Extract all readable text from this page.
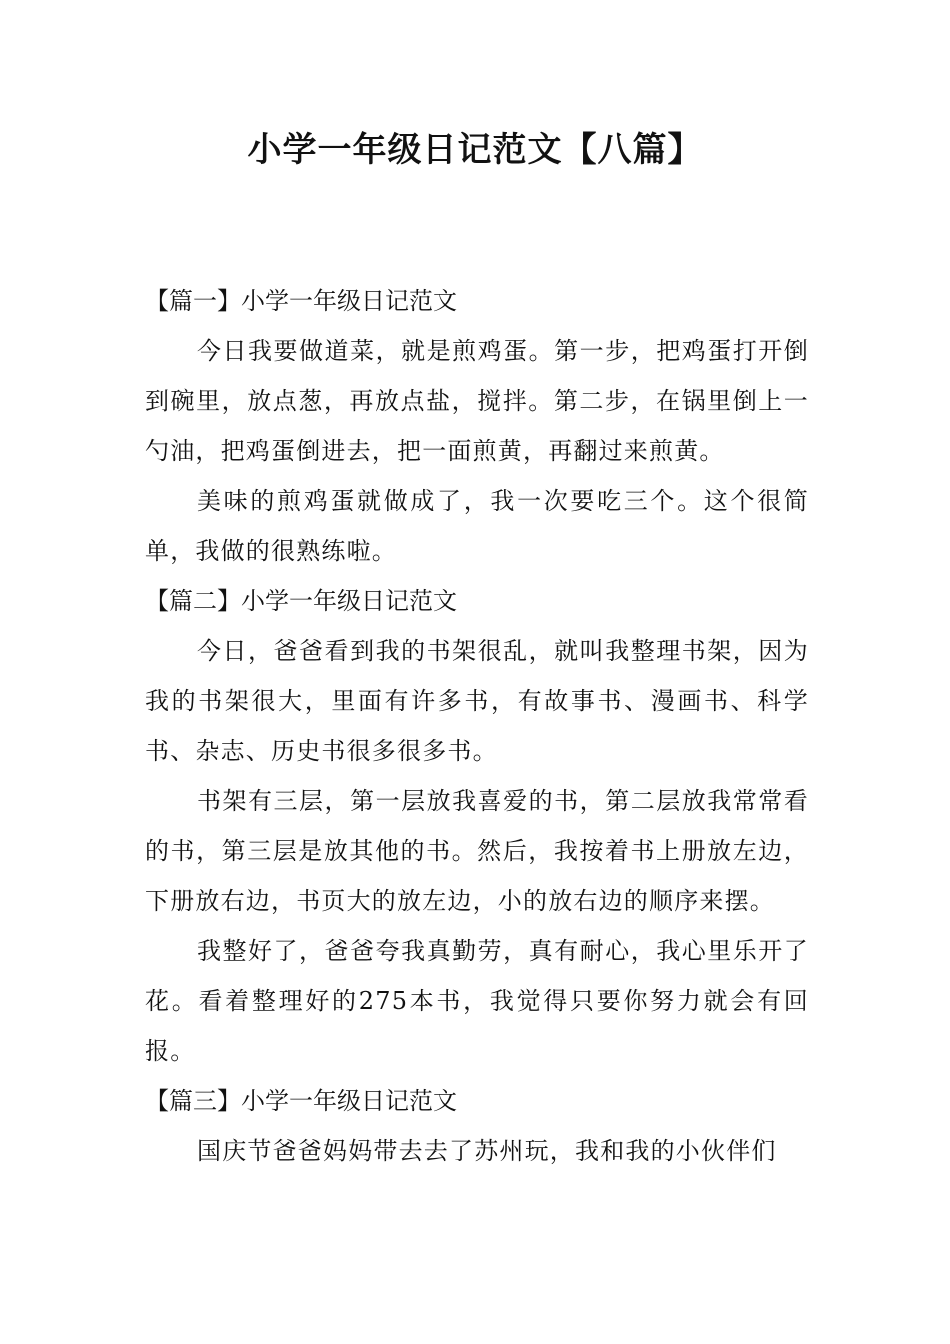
小学一年级日记范文【八篇】
【篇一】小学一年级日记范文
今日我要做道菜，就是煎鸡蛋。第一步，把鸡蛋打开倒到碗里，放点葱，再放点盐，搅拌。第二步，在锅里倒上一勺油，把鸡蛋倒进去，把一面煎黄，再翻过来煎黄。
美味的煎鸡蛋就做成了，我一次要吃三个。这个很简单，我做的很熟练啦。
【篇二】小学一年级日记范文
今日，爸爸看到我的书架很乱，就叫我整理书架，因为我的书架很大，里面有许多书，有故事书、漫画书、科学书、杂志、历史书很多很多书。
书架有三层，第一层放我喜爱的书，第二层放我常常看的书，第三层是放其他的书。然后，我按着书上册放左边，下册放右边，书页大的放左边，小的放右边的顺序来摆。
我整好了，爸爸夸我真勤劳，真有耐心，我心里乐开了花。看着整理好的275本书，我觉得只要你努力就会有回报。
【篇三】小学一年级日记范文
国庆节爸爸妈妈带去去了苏州玩，我和我的小伙伴们
